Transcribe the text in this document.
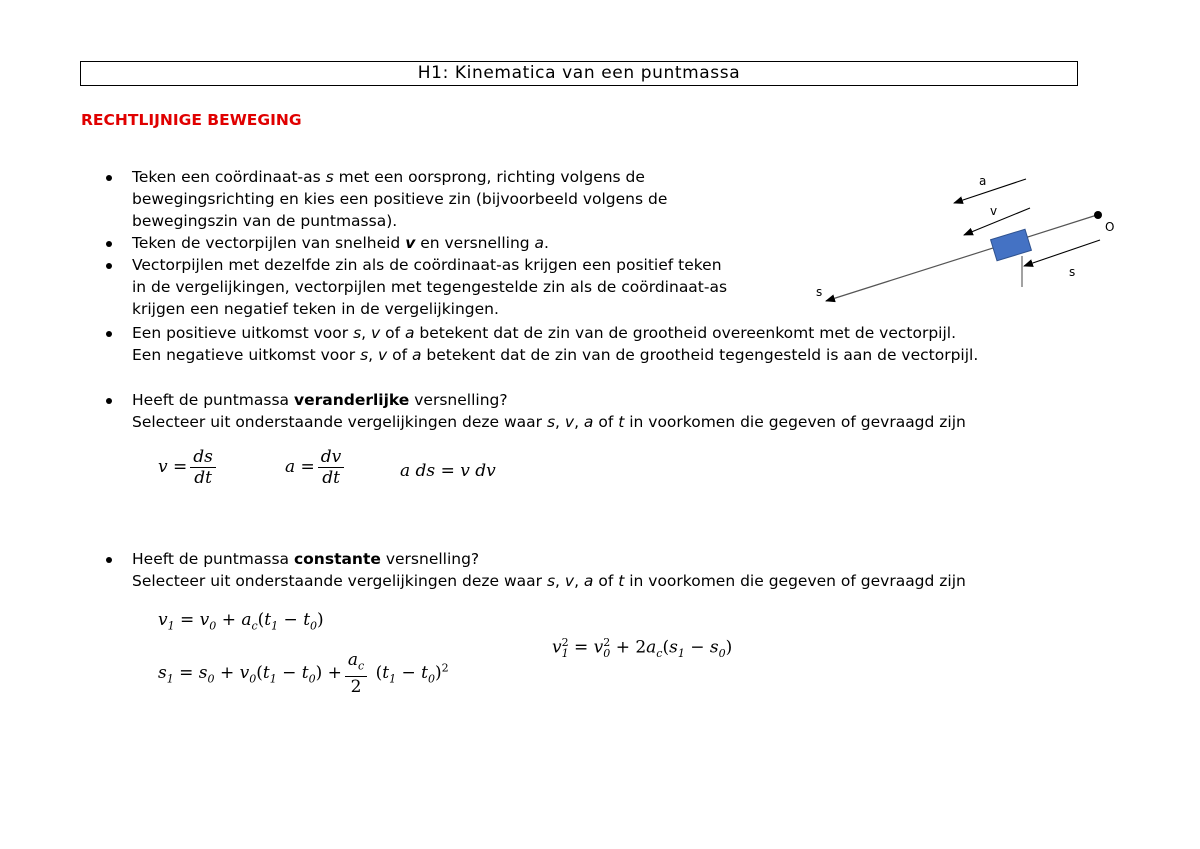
H1: Kinematica van een puntmassa
RECHTLIJNIGE BEWEGING
Teken een coördinaat-as s met een oorsprong, richting volgens de
bewegingsrichting en kies een positieve zin (bijvoorbeeld volgens de
bewegingszin van de puntmassa).
Teken de vectorpijlen van snelheid v en versnelling a.
Vectorpijlen met dezelfde zin als de coördinaat-as krijgen een positief teken
in de vergelijkingen, vectorpijlen met tegengestelde zin als de coördinaat-as
krijgen een negatief teken in de vergelijkingen.
Een positieve uitkomst voor s, v of a betekent dat de zin van de grootheid overeenkomt met de vectorpijl.
Een negatieve uitkomst voor s, v of a betekent dat de zin van de grootheid tegengesteld is aan de vectorpijl.
Heeft de puntmassa veranderlijke versnelling?
Selecteer uit onderstaande vergelijkingen deze waar s, v, a of t in voorkomen die gegeven of gevraagd zijn
$v = \frac{ds}{dt}$	$a = \frac{dv}{dt}$	a ds = v dv
Heeft de puntmassa constante versnelling?
Selecteer uit onderstaande vergelijkingen deze waar s, v, a of t in voorkomen die gegeven of gevraagd zijn
$v_1 = v_0 + a_c(t_1 - t_0)$
$s_1 = s_0 + v_0(t_1 - t_0) + \frac{a_c}{2} (t_1 - t_0)^2$
$v_1^2 = v_0^2 + 2a_c(s_1 - s_0)$
a
v
O
s
s
